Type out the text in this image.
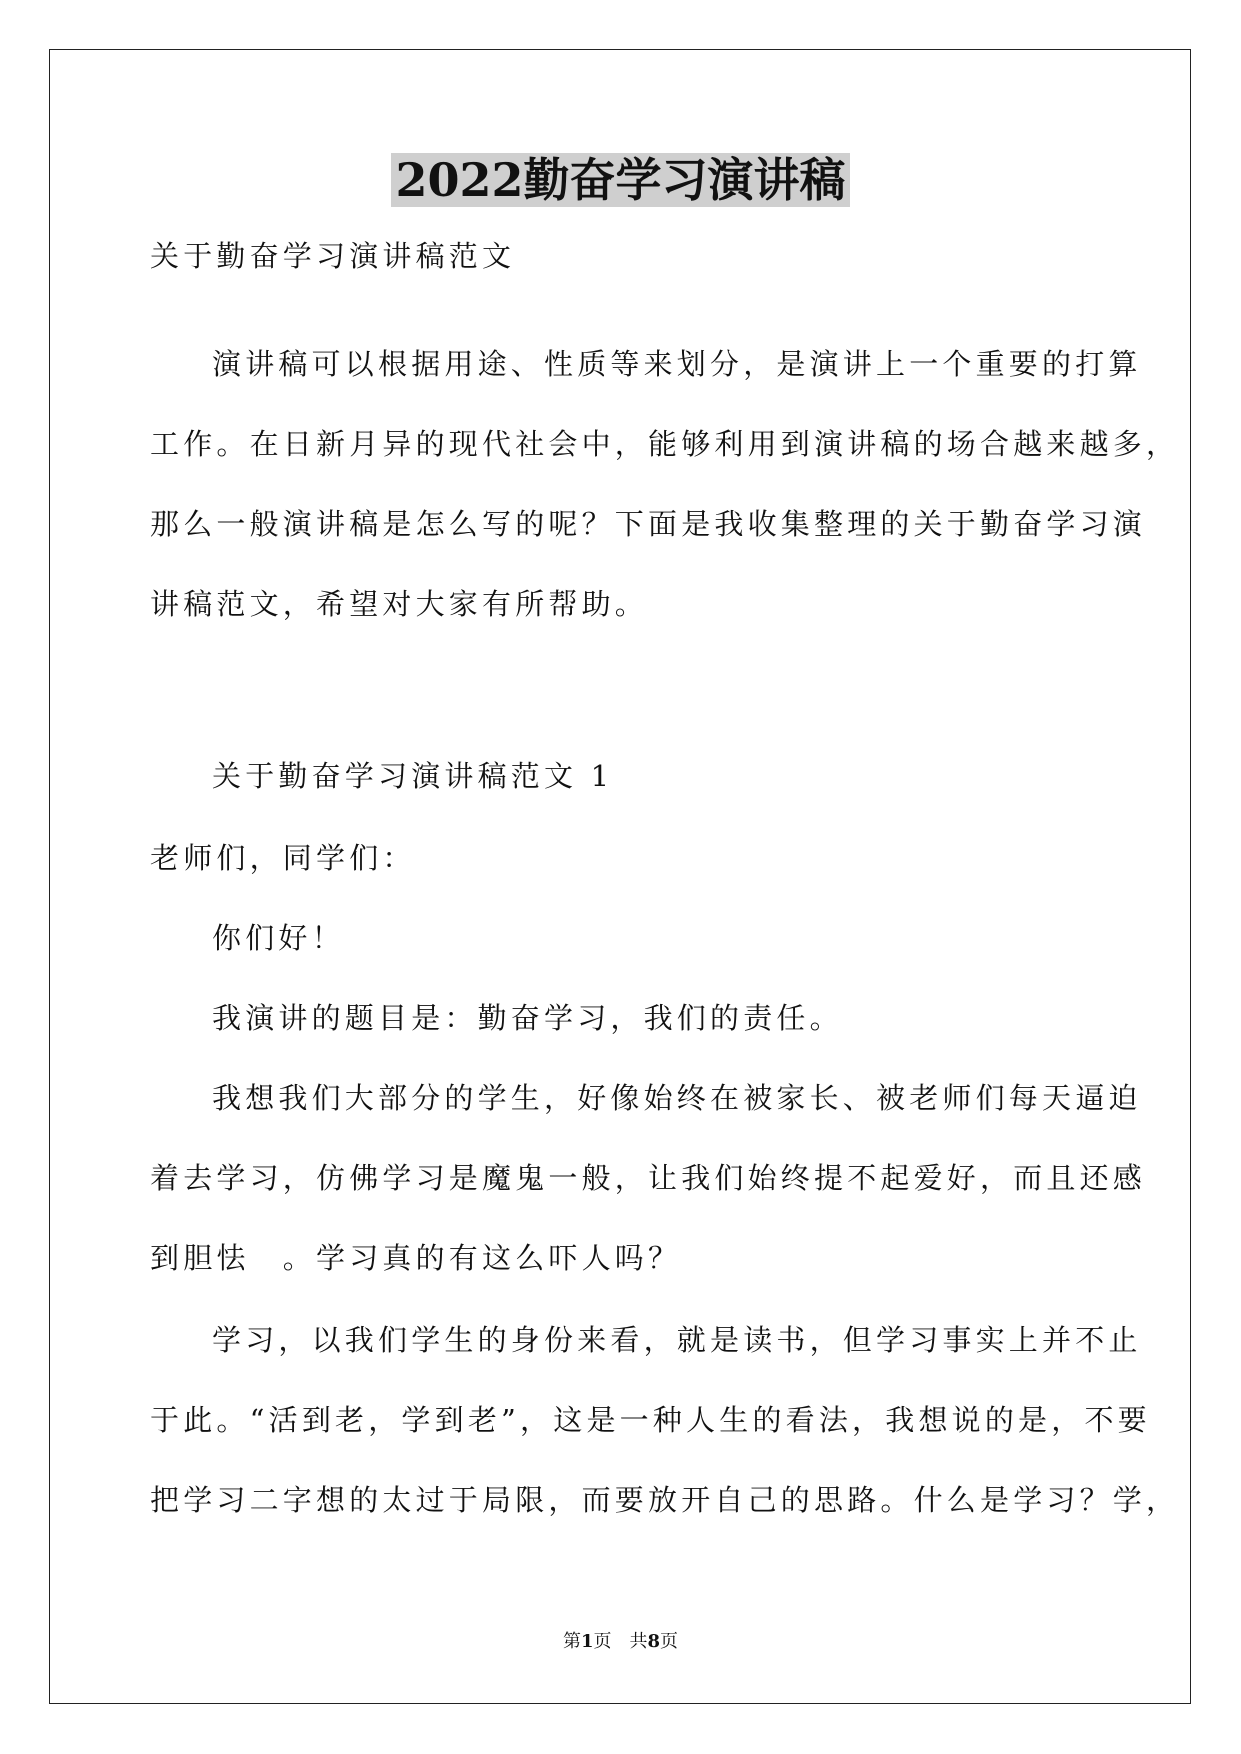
2022勤奋学习演讲稿

关于勤奋学习演讲稿范文

演讲稿可以根据用途、性质等来划分，是演讲上一个重要的打算

工作。在日新月异的现代社会中，能够利用到演讲稿的场合越来越多，

那么一般演讲稿是怎么写的呢？下面是我收集整理的关于勤奋学习演

讲稿范文，希望对大家有所帮助。

关于勤奋学习演讲稿范文 1

老师们，同学们：

你们好！

我演讲的题目是：勤奋学习，我们的责任。

我想我们大部分的学生，好像始终在被家长、被老师们每天逼迫

着去学习，仿佛学习是魔鬼一般，让我们始终提不起爱好，而且还感

到胆怯　。学习真的有这么吓人吗？

学习，以我们学生的身份来看，就是读书，但学习事实上并不止

于此。“活到老，学到老”，这是一种人生的看法，我想说的是，不要

把学习二字想的太过于局限，而要放开自己的思路。什么是学习？学，

第1页　共8页
